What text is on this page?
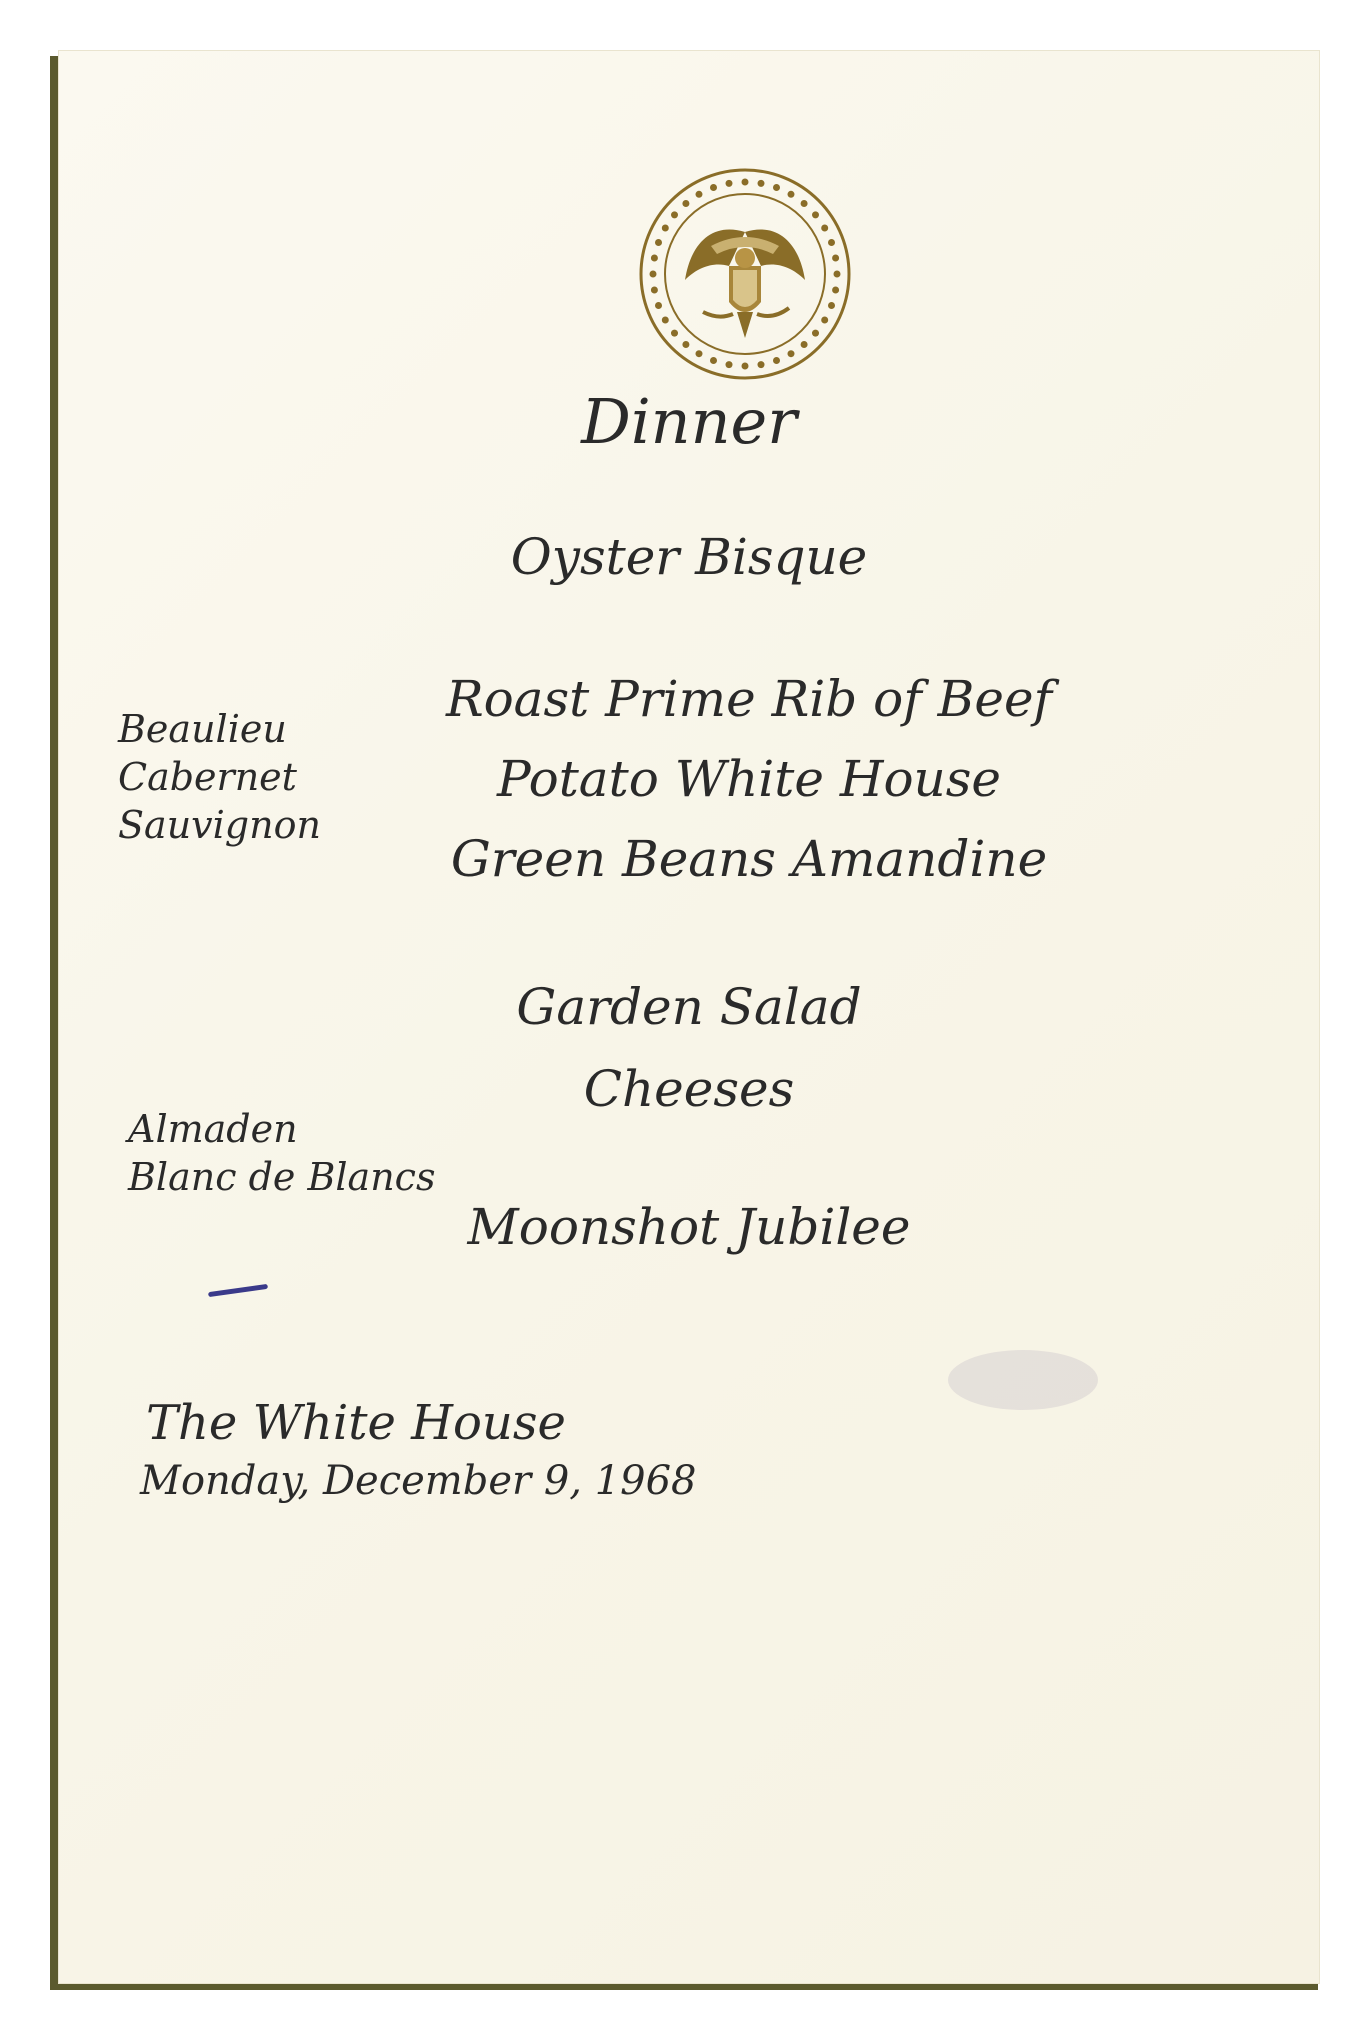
Dinner
Oyster Bisque
Roast Prime Rib of Beef
Potato White House
Green Beans Amandine
Garden Salad
Cheeses
Moonshot Jubilee
Beaulieu
Cabernet
Sauvignon
Almaden
Blanc de Blancs
The White House
Monday, December 9, 1968
